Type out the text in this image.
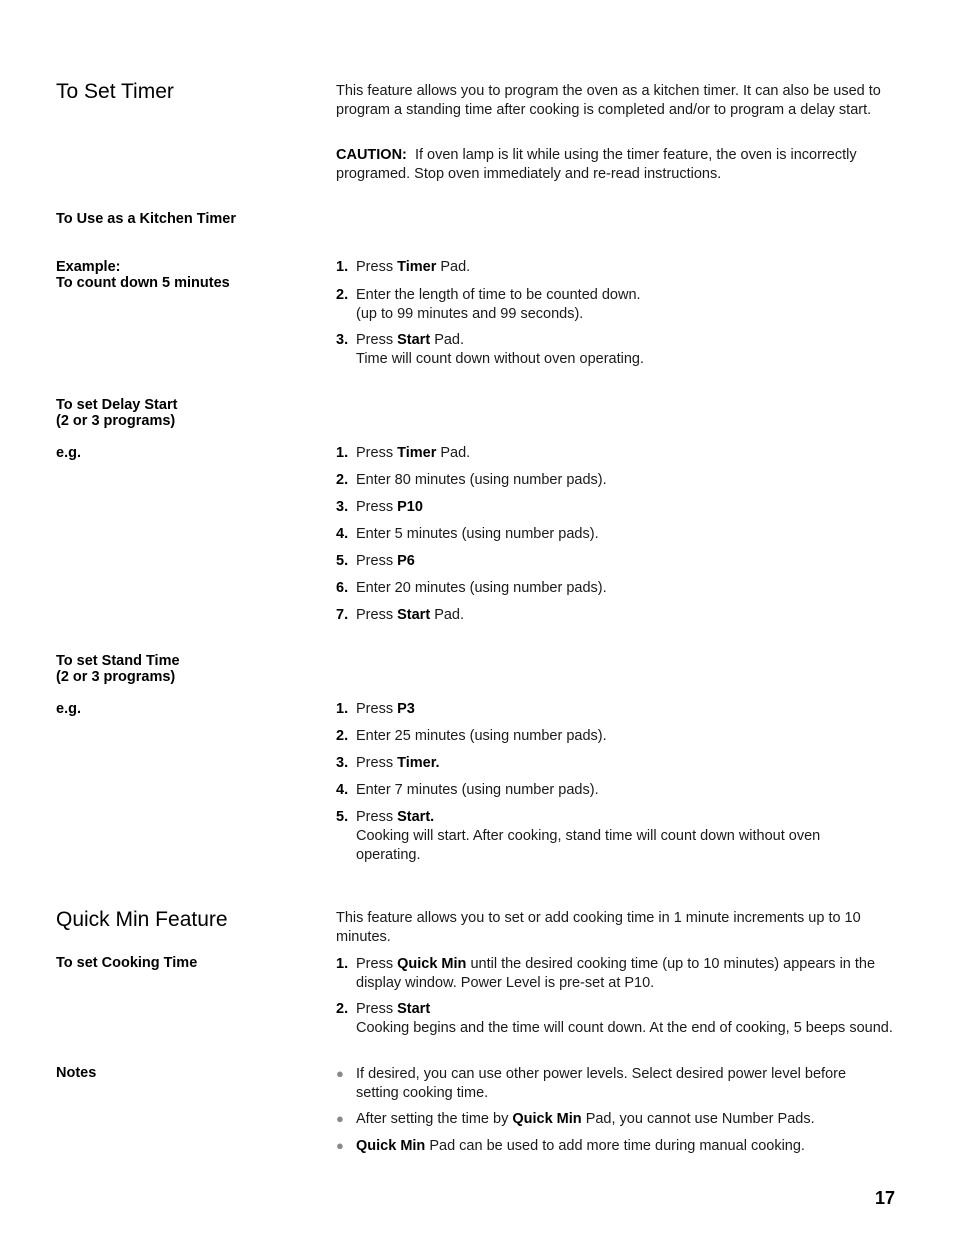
To Set Timer	This feature allows you to program the oven as a kitchen timer. It can also be used to program a standing time after cooking is completed and/or to program a delay start.
CAUTION: If oven lamp is lit while using the timer feature, the oven is incorrectly programed. Stop oven immediately and re-read instructions.
To Use as a Kitchen Timer
Example:
To count down 5 minutes
1. Press Timer Pad.
2. Enter the length of time to be counted down.
(up to 99 minutes and 99 seconds).
3. Press Start Pad.
Time will count down without oven operating.
To set Delay Start
(2 or 3 programs)
e.g.	1. Press Timer Pad.
2. Enter 80 minutes (using number pads).
3. Press P10
4. Enter 5 minutes (using number pads).
5. Press P6
6. Enter 20 minutes (using number pads).
7. Press Start Pad.
To set Stand Time
(2 or 3 programs)
e.g.	1. Press P3
2. Enter 25 minutes (using number pads).
3. Press Timer.
4. Enter 7 minutes (using number pads).
5. Press Start.
Cooking will start. After cooking, stand time will count down without oven operating.
Quick Min Feature	This feature allows you to set or add cooking time in 1 minute increments up to 10 minutes.
To set Cooking Time	1. Press Quick Min until the desired cooking time (up to 10 minutes) appears in the display window. Power Level is pre-set at P10.
2. Press Start
Cooking begins and the time will count down. At the end of cooking, 5 beeps sound.
Notes	● If desired, you can use other power levels. Select desired power level before setting cooking time.
● After setting the time by Quick Min Pad, you cannot use Number Pads.
● Quick Min Pad can be used to add more time during manual cooking.
17
